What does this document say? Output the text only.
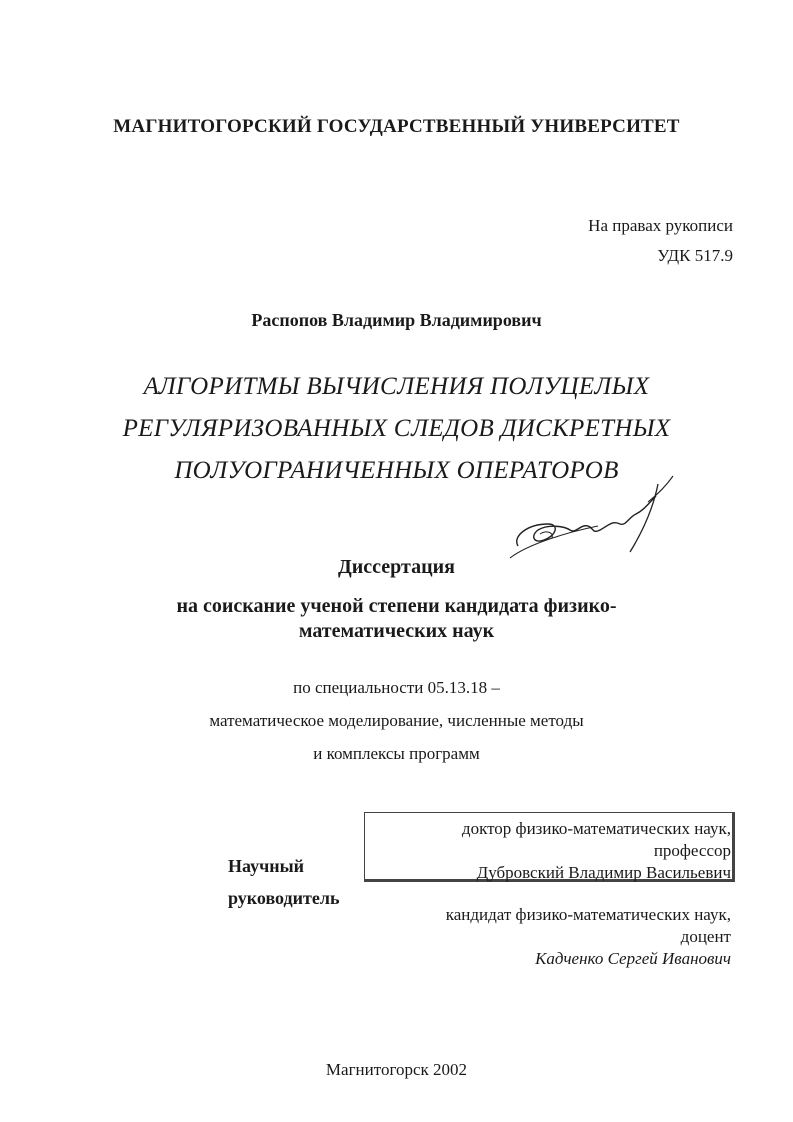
МАГНИТОГОРСКИЙ ГОСУДАРСТВЕННЫЙ УНИВЕРСИТЕТ
На правах рукописи
УДК 517.9
Распопов Владимир Владимирович
АЛГОРИТМЫ ВЫЧИСЛЕНИЯ ПОЛУЦЕЛЫХ
РЕГУЛЯРИЗОВАННЫХ СЛЕДОВ ДИСКРЕТНЫХ
ПОЛУОГРАНИЧЕННЫХ ОПЕРАТОРОВ
Диссертация
на соискание ученой степени кандидата физико-
математических наук
по специальности 05.13.18 –
математическое моделирование, численные методы
и комплексы программ
Научный
руководитель
доктор физико-математических наук,
профессор
Дубровский Владимир Васильевич
кандидат физико-математических наук,
доцент
Кадченко Сергей Иванович
Магнитогорск 2002
